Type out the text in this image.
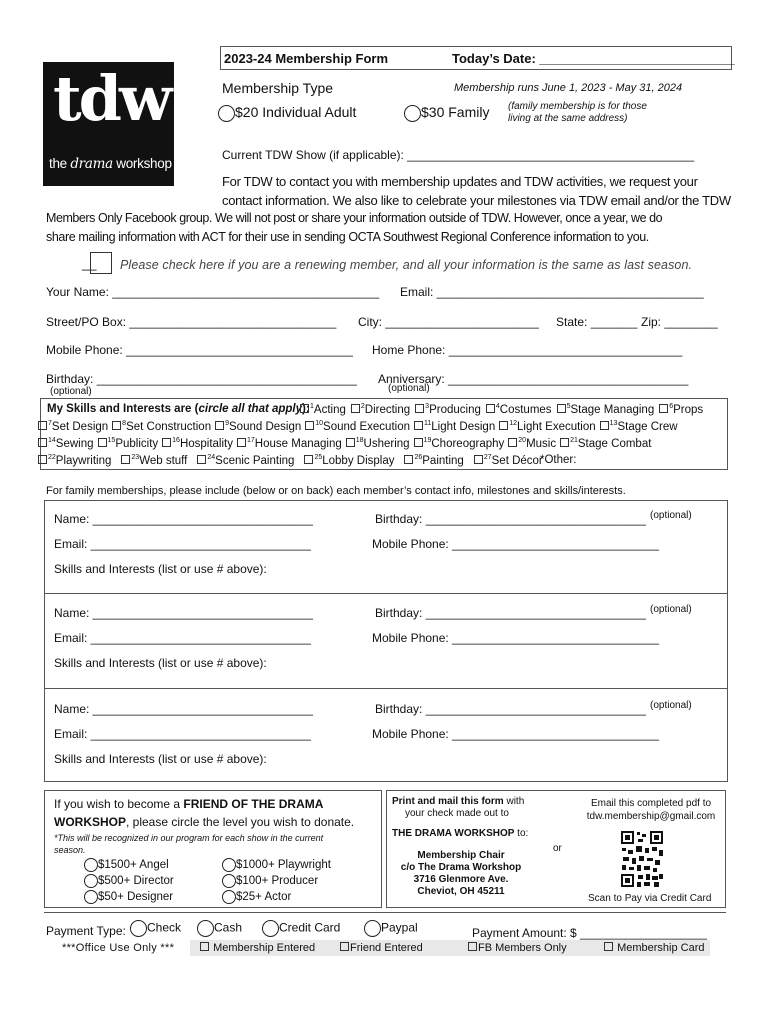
tdw
the drama workshop
2023-24 Membership Form	Today’s Date: ___________________________
Membership Type	Membership runs June 1, 2023 - May 31, 2024
$20 Individual Adult	$30 Family (family membership is for those
living at the same address)
Current TDW Show (if applicable): ___________________________________________
For TDW to contact you with membership updates and TDW activities, we request your
contact information. We also like to celebrate your milestones via TDW email and/or the TDW
Members Only Facebook group. We will not post or share your information outside of TDW. However, once a year, we do
share mailing information with ACT for their use in sending OCTA Southwest Regional Conference information to you.
__ Please check here if you are a renewing member, and all your information is the same as last season.
Your Name: ________________________________________ Email: ________________________________________
Street/PO Box: _______________________________ City: _______________________ State: _______ Zip: ________
Mobile Phone: __________________________________ Home Phone: ___________________________________
Birthday: _______________________________________ Anniversary: ____________________________________
(optional)	(optional)
My Skills and Interests are (circle all that apply): $^1$Acting $^2$Directing $^3$Producing $^4$Costumes $^5$Stage Managing $^6$Props
$^7$Set Design $^8$Set Construction $^9$Sound Design $^{10}$Sound Execution $^{11}$Light Design $^{12}$Light Execution $^{13}$Stage Crew
$^{14}$Sewing $^{15}$Publicity $^{16}$Hospitality $^{17}$House Managing $^{18}$Ushering $^{19}$Choreography $^{20}$Music $^{21}$Stage Combat
$^{22}$Playwriting	$^{23}$Web stuff	$^{24}$Scenic Painting	$^{25}$Lobby Display	$^{26}$Painting	$^{27}$Set Décor
*Other:
For family memberships, please include (below or on back) each member’s contact info, milestones and skills/interests.
Name: _________________________________	Birthday: _________________________________ (optional)
Email: _________________________________	Mobile Phone: _______________________________
Skills and Interests (list or use # above):
Name: _________________________________	Birthday: _________________________________ (optional)
Email: _________________________________	Mobile Phone: _______________________________
Skills and Interests (list or use # above):
Name: _________________________________	Birthday: _________________________________ (optional)
Email: _________________________________	Mobile Phone: _______________________________
Skills and Interests (list or use # above):
If you wish to become a FRIEND OF THE DRAMA
WORKSHOP, please circle the level you wish to donate.
*This will be recognized in our program for each show in the current
season.
$1500+ Angel
$500+ Director
$50+ Designer
$1000+ Playwright
$100+ Producer
$25+ Actor
Print and mail this form with
your check made out to
THE DRAMA WORKSHOP to:
Membership Chair
c/o The Drama Workshop
3716 Glenmore Ave.
Cheviot, OH 45211
or
Email this completed pdf to
tdw.membership@gmail.com
Scan to Pay via Credit Card
Payment Type:	Check	Cash	Credit Card	Paypal	Payment Amount: $ ___________________
***Office Use Only ***	Membership Entered	Friend Entered	FB Members Only	Membership Card
